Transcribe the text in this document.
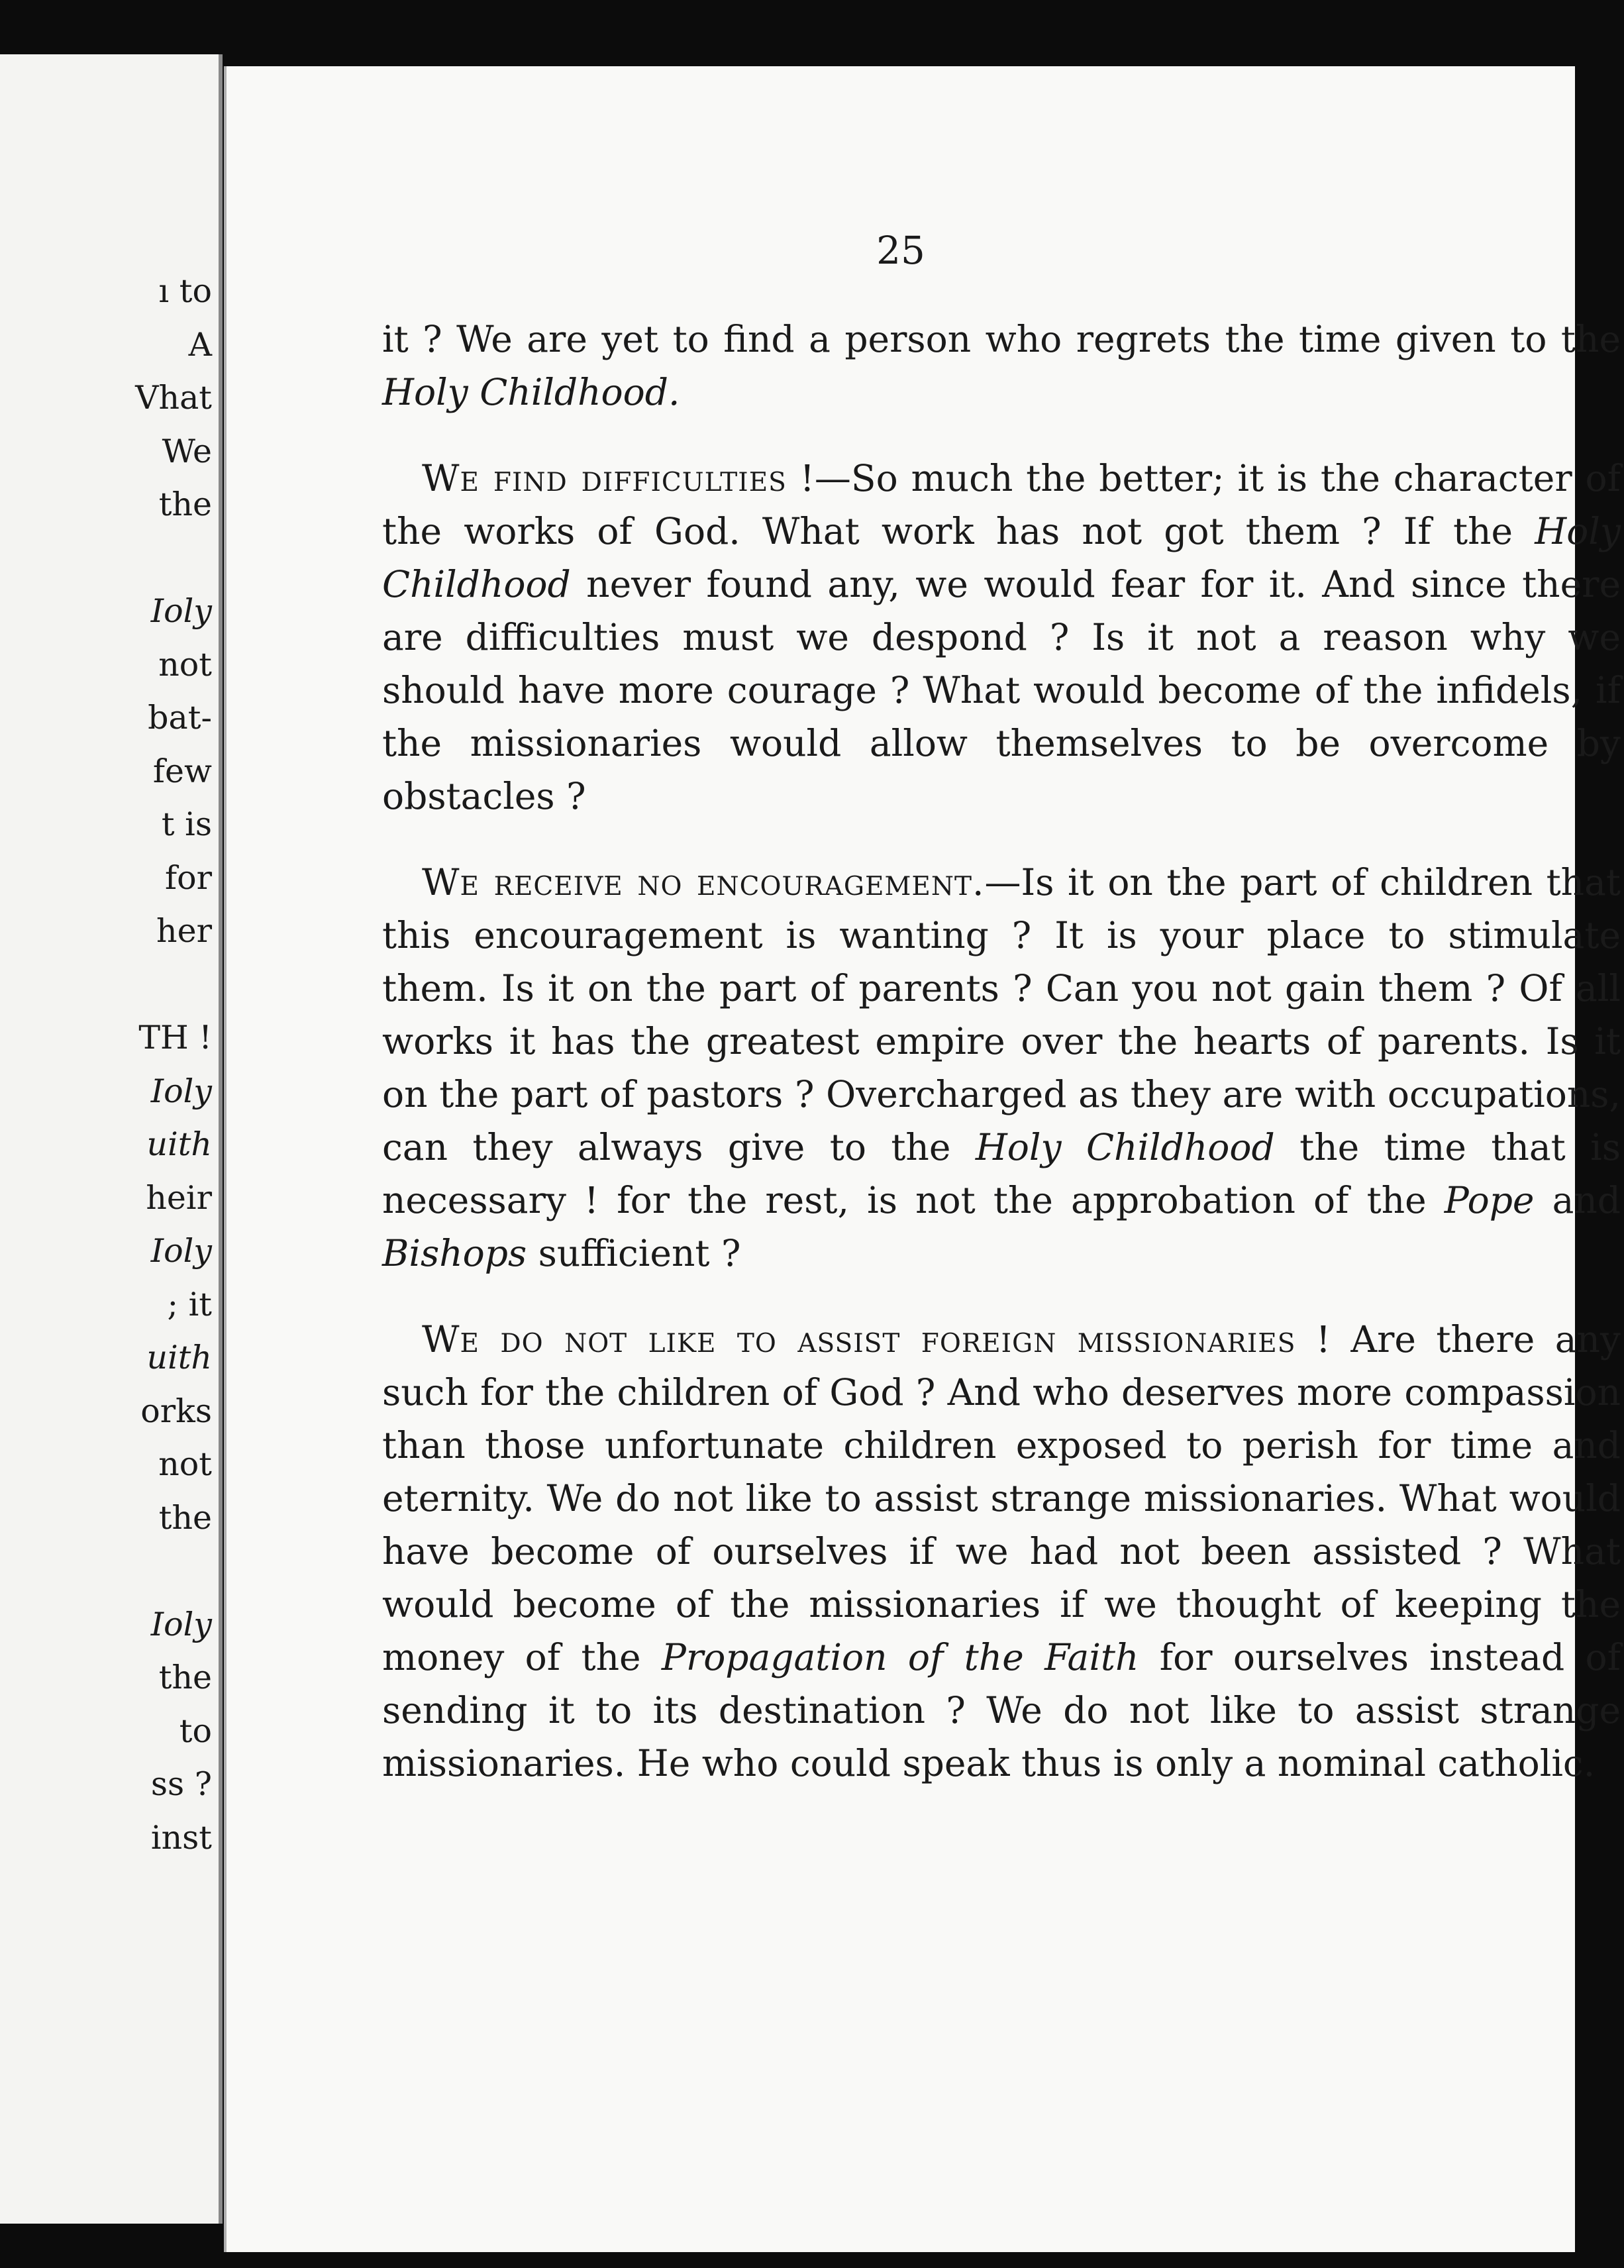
ı to
A
Vhat
We
the
Ioly
not
bat-
few
t is
for
her
TH !
Ioly
uith
heir
Ioly
; it
uith
orks
not
the
Ioly
the
to
ss ?
inst
25

it ? We are yet to find a person who regrets the time given to the Holy Childhood.

We find difficulties !—So much the better; it is the character of the works of God. What work has not got them ? If the Holy Childhood never found any, we would fear for it. And since there are difficulties must we despond ? Is it not a reason why we should have more courage ? What would become of the infidels, if the missionaries would allow themselves to be overcome by obstacles ?

We receive no encouragement.—Is it on the part of children that this encouragement is wanting ? It is your place to stimulate them. Is it on the part of parents ? Can you not gain them ? Of all works it has the greatest empire over the hearts of parents. Is it on the part of pastors ? Overcharged as they are with occupations, can they always give to the Holy Childhood the time that is necessary ! for the rest, is not the approbation of the Pope and Bishops sufficient ?

We do not like to assist foreign missionaries ! Are there any such for the children of God ? And who deserves more compassion than those unfortunate children exposed to perish for time and eternity. We do not like to assist strange missionaries. What would have become of ourselves if we had not been assisted ? What would become of the missionaries if we thought of keeping the money of the Propagation of the Faith for ourselves instead of sending it to its destination ? We do not like to assist strange missionaries. He who could speak thus is only a nominal catholic.
